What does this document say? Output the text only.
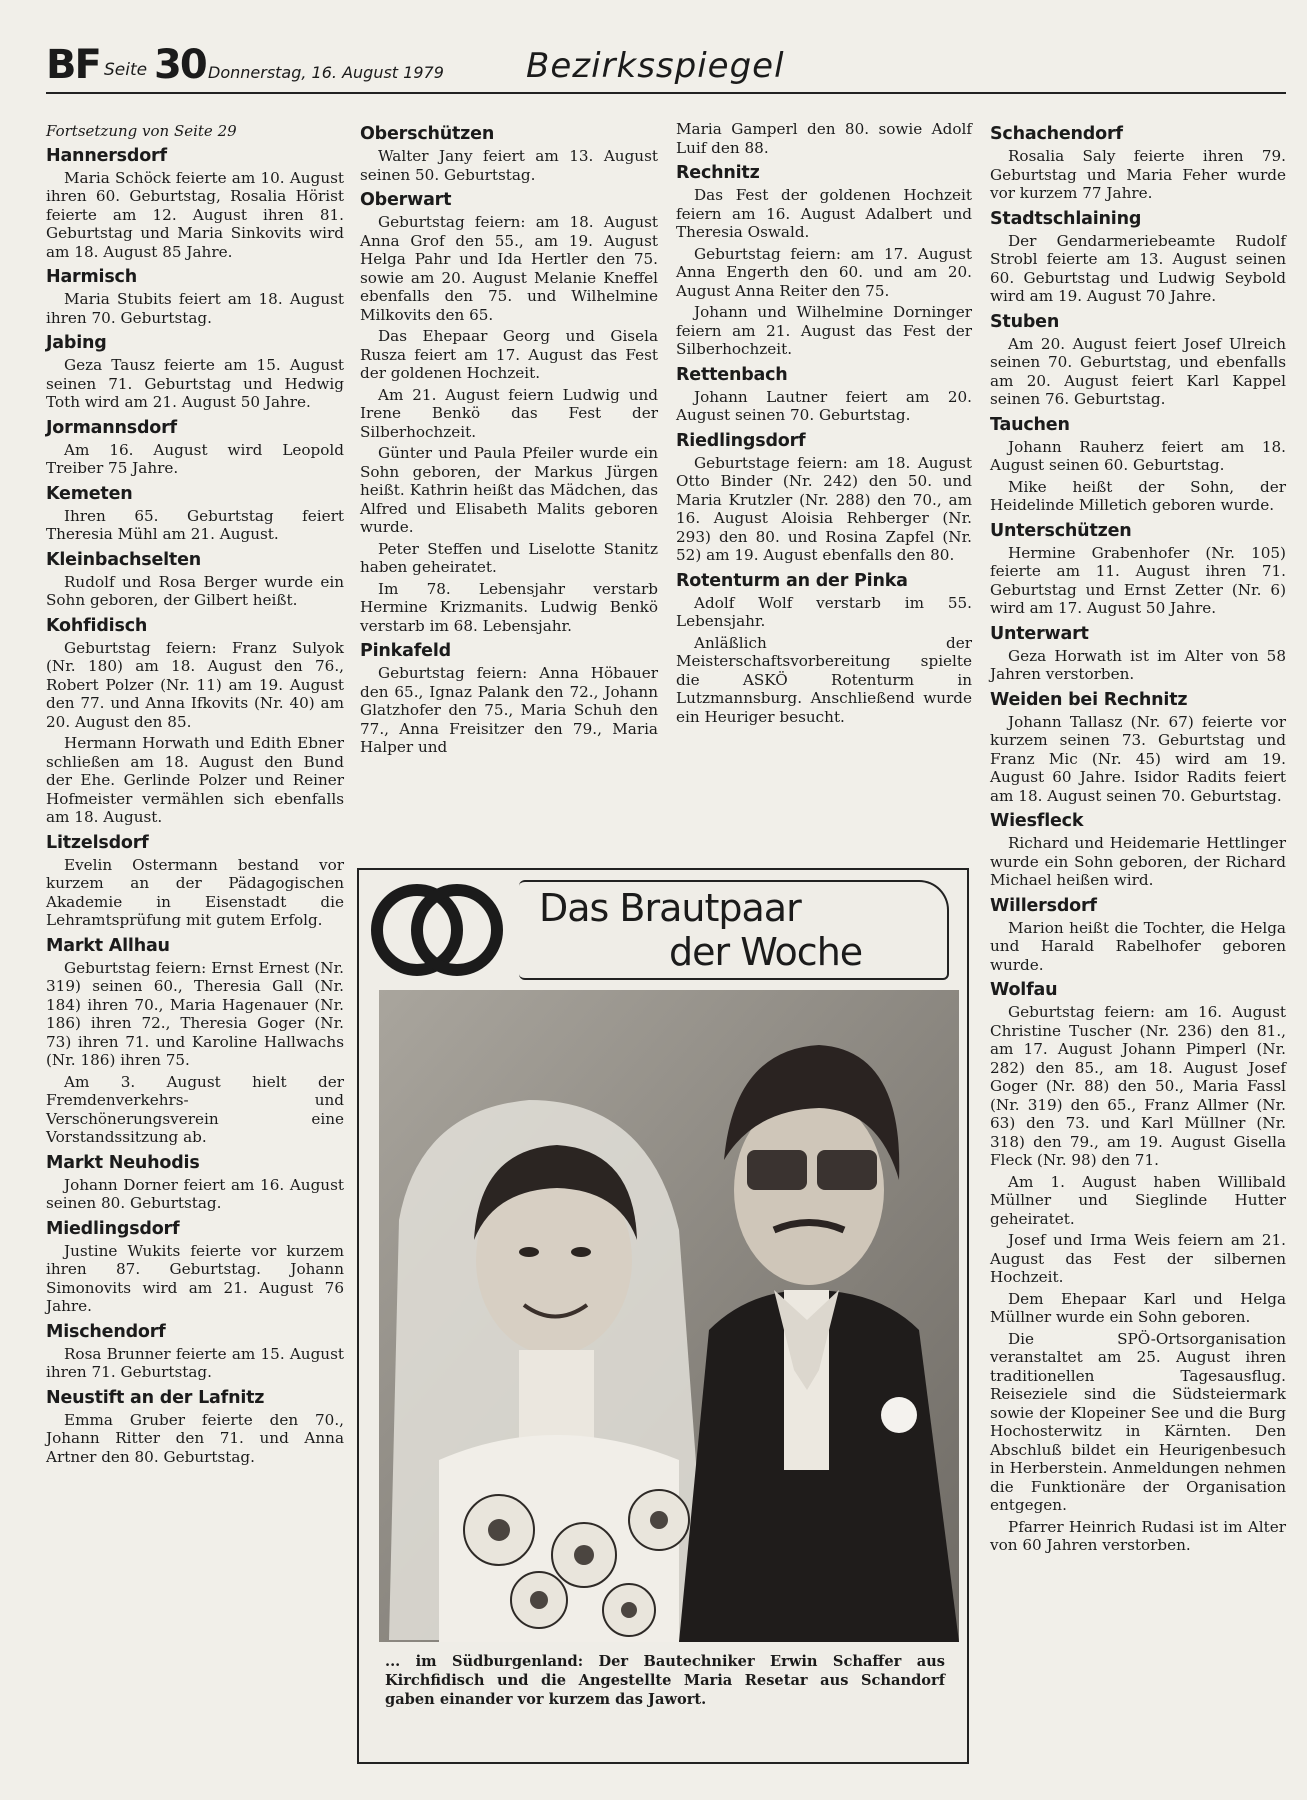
BF Seite 30 Donnerstag, 16. August 1979 Bezirksspiegel
Fortsetzung von Seite 29
Hannersdorf
Maria Schöck feierte am 10. August ihren 60. Geburtstag, Rosalia Hörist feierte am 12. August ihren 81. Geburtstag und Maria Sinkovits wird am 18. August 85 Jahre.
Harmisch
Maria Stubits feiert am 18. August ihren 70. Geburtstag.
Jabing
Geza Tausz feierte am 15. August seinen 71. Geburtstag und Hedwig Toth wird am 21. August 50 Jahre.
Jormannsdorf
Am 16. August wird Leopold Treiber 75 Jahre.
Kemeten
Ihren 65. Geburtstag feiert Theresia Mühl am 21. August.
Kleinbachselten
Rudolf und Rosa Berger wurde ein Sohn geboren, der Gilbert heißt.
Kohfidisch
Geburtstag feiern: Franz Sulyok (Nr. 180) am 18. August den 76., Robert Polzer (Nr. 11) am 19. August den 77. und Anna Ifkovits (Nr. 40) am 20. August den 85.
Hermann Horwath und Edith Ebner schließen am 18. August den Bund der Ehe. Gerlinde Polzer und Reiner Hofmeister vermählen sich ebenfalls am 18. August.
Litzelsdorf
Evelin Ostermann bestand vor kurzem an der Pädagogischen Akademie in Eisenstadt die Lehramtsprüfung mit gutem Erfolg.
Markt Allhau
Geburtstag feiern: Ernst Ernest (Nr. 319) seinen 60., Theresia Gall (Nr. 184) ihren 70., Maria Hagenauer (Nr. 186) ihren 72., Theresia Goger (Nr. 73) ihren 71. und Karoline Hallwachs (Nr. 186) ihren 75.
Am 3. August hielt der Fremdenverkehrs- und Verschönerungsverein eine Vorstandssitzung ab.
Markt Neuhodis
Johann Dorner feiert am 16. August seinen 80. Geburtstag.
Miedlingsdorf
Justine Wukits feierte vor kurzem ihren 87. Geburtstag. Johann Simonovits wird am 21. August 76 Jahre.
Mischendorf
Rosa Brunner feierte am 15. August ihren 71. Geburtstag.
Neustift an der Lafnitz
Emma Gruber feierte den 70., Johann Ritter den 71. und Anna Artner den 80. Geburtstag.
Oberschützen
Walter Jany feiert am 13. August seinen 50. Geburtstag.
Oberwart
Geburtstag feiern: am 18. August Anna Grof den 55., am 19. August Helga Pahr und Ida Hertler den 75. sowie am 20. August Melanie Kneffel ebenfalls den 75. und Wilhelmine Milkovits den 65.
Das Ehepaar Georg und Gisela Rusza feiert am 17. August das Fest der goldenen Hochzeit.
Am 21. August feiern Ludwig und Irene Benkö das Fest der Silberhochzeit.
Günter und Paula Pfeiler wurde ein Sohn geboren, der Markus Jürgen heißt. Kathrin heißt das Mädchen, das Alfred und Elisabeth Malits geboren wurde.
Peter Steffen und Liselotte Stanitz haben geheiratet.
Im 78. Lebensjahr verstarb Hermine Krizmanits. Ludwig Benkö verstarb im 68. Lebensjahr.
Pinkafeld
Geburtstag feiern: Anna Höbauer den 65., Ignaz Palank den 72., Johann Glatzhofer den 75., Maria Schuh den 77., Anna Freisitzer den 79., Maria Halper und
Maria Gamperl den 80. sowie Adolf Luif den 88.
Rechnitz
Das Fest der goldenen Hochzeit feiern am 16. August Adalbert und Theresia Oswald.
Geburtstag feiern: am 17. August Anna Engerth den 60. und am 20. August Anna Reiter den 75.
Johann und Wilhelmine Dorninger feiern am 21. August das Fest der Silberhochzeit.
Rettenbach
Johann Lautner feiert am 20. August seinen 70. Geburtstag.
Riedlingsdorf
Geburtstage feiern: am 18. August Otto Binder (Nr. 242) den 50. und Maria Krutzler (Nr. 288) den 70., am 16. August Aloisia Rehberger (Nr. 293) den 80. und Rosina Zapfel (Nr. 52) am 19. August ebenfalls den 80.
Rotenturm an der Pinka
Adolf Wolf verstarb im 55. Lebensjahr.
Anläßlich der Meisterschaftsvorbereitung spielte die ASKÖ Rotenturm in Lutzmannsburg. Anschließend wurde ein Heuriger besucht.
Schachendorf
Rosalia Saly feierte ihren 79. Geburtstag und Maria Feher wurde vor kurzem 77 Jahre.
Stadtschlaining
Der Gendarmeriebeamte Rudolf Strobl feierte am 13. August seinen 60. Geburtstag und Ludwig Seybold wird am 19. August 70 Jahre.
Stuben
Am 20. August feiert Josef Ulreich seinen 70. Geburtstag, und ebenfalls am 20. August feiert Karl Kappel seinen 76. Geburtstag.
Tauchen
Johann Rauherz feiert am 18. August seinen 60. Geburtstag.
Mike heißt der Sohn, der Heidelinde Milletich geboren wurde.
Unterschützen
Hermine Grabenhofer (Nr. 105) feierte am 11. August ihren 71. Geburtstag und Ernst Zetter (Nr. 6) wird am 17. August 50 Jahre.
Unterwart
Geza Horwath ist im Alter von 58 Jahren verstorben.
Weiden bei Rechnitz
Johann Tallasz (Nr. 67) feierte vor kurzem seinen 73. Geburtstag und Franz Mic (Nr. 45) wird am 19. August 60 Jahre. Isidor Radits feiert am 18. August seinen 70. Geburtstag.
Wiesfleck
Richard und Heidemarie Hettlinger wurde ein Sohn geboren, der Richard Michael heißen wird.
Willersdorf
Marion heißt die Tochter, die Helga und Harald Rabelhofer geboren wurde.
Wolfau
Geburtstag feiern: am 16. August Christine Tuscher (Nr. 236) den 81., am 17. August Johann Pimperl (Nr. 282) den 85., am 18. August Josef Goger (Nr. 88) den 50., Maria Fassl (Nr. 319) den 65., Franz Allmer (Nr. 63) den 73. und Karl Müllner (Nr. 318) den 79., am 19. August Gisella Fleck (Nr. 98) den 71.
Am 1. August haben Willibald Müllner und Sieglinde Hutter geheiratet.
Josef und Irma Weis feiern am 21. August das Fest der silbernen Hochzeit.
Dem Ehepaar Karl und Helga Müllner wurde ein Sohn geboren.
Die SPÖ-Ortsorganisation veranstaltet am 25. August ihren traditionellen Tagesausflug. Reiseziele sind die Südsteiermark sowie der Klopeiner See und die Burg Hochosterwitz in Kärnten. Den Abschluß bildet ein Heurigenbesuch in Herberstein. Anmeldungen nehmen die Funktionäre der Organisation entgegen.
Pfarrer Heinrich Rudasi ist im Alter von 60 Jahren verstorben.
Das Brautpaar
der Woche
... im Südburgenland: Der Bautechniker Erwin Schaffer aus Kirchfidisch und die Angestellte Maria Resetar aus Schandorf gaben einander vor kurzem das Jawort.
